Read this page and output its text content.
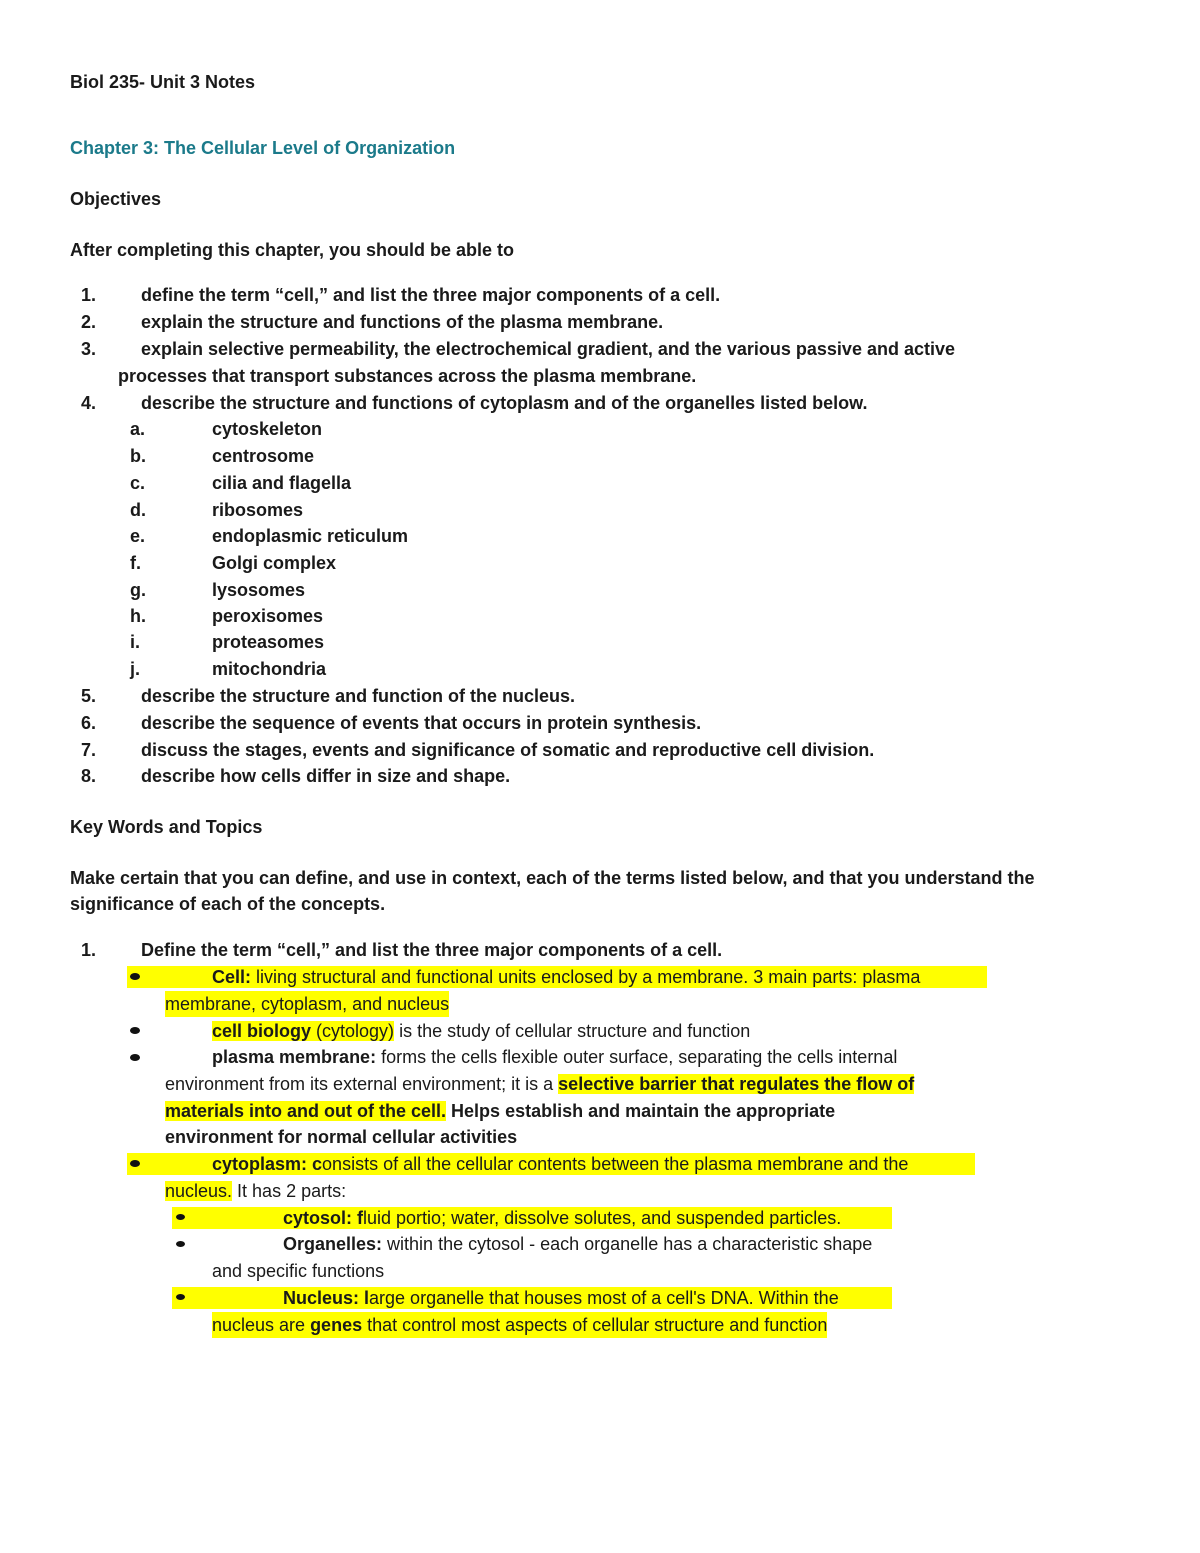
Biol 235- Unit 3 Notes
Chapter 3: The Cellular Level of Organization
Objectives
After completing this chapter, you should be able to
1. define the term “cell,” and list the three major components of a cell.
2. explain the structure and functions of the plasma membrane.
3. explain selective permeability, the electrochemical gradient, and the various passive and active
processes that transport substances across the plasma membrane.
4. describe the structure and functions of cytoplasm and of the organelles listed below.
a.	cytoskeleton
b.	centrosome
c.	cilia and flagella
d.	ribosomes
e.	endoplasmic reticulum
f.	Golgi complex
g.	lysosomes
h.	peroxisomes
i.	proteasomes
j.	mitochondria
5. describe the structure and function of the nucleus.
6. describe the sequence of events that occurs in protein synthesis.
7. discuss the stages, events and significance of somatic and reproductive cell division.
8. describe how cells differ in size and shape.
Key Words and Topics
Make certain that you can define, and use in context, each of the terms listed below, and that you understand the
significance of each of the concepts.
1. Define the term “cell,” and list the three major components of a cell.
Cell: living structural and functional units enclosed by a membrane. 3 main parts: plasma
membrane, cytoplasm, and nucleus
cell biology (cytology) is the study of cellular structure and function
plasma membrane: forms the cells flexible outer surface, separating the cells internal
environment from its external environment; it is a selective barrier that regulates the flow of
materials into and out of the cell. Helps establish and maintain the appropriate
environment for normal cellular activities
cytoplasm: consists of all the cellular contents between the plasma membrane and the
nucleus. It has 2 parts:
cytosol: fluid portio; water, dissolve solutes, and suspended particles.
Organelles: within the cytosol - each organelle has a characteristic shape
and specific functions
Nucleus: large organelle that houses most of a cell's DNA. Within the
nucleus are genes that control most aspects of cellular structure and function
